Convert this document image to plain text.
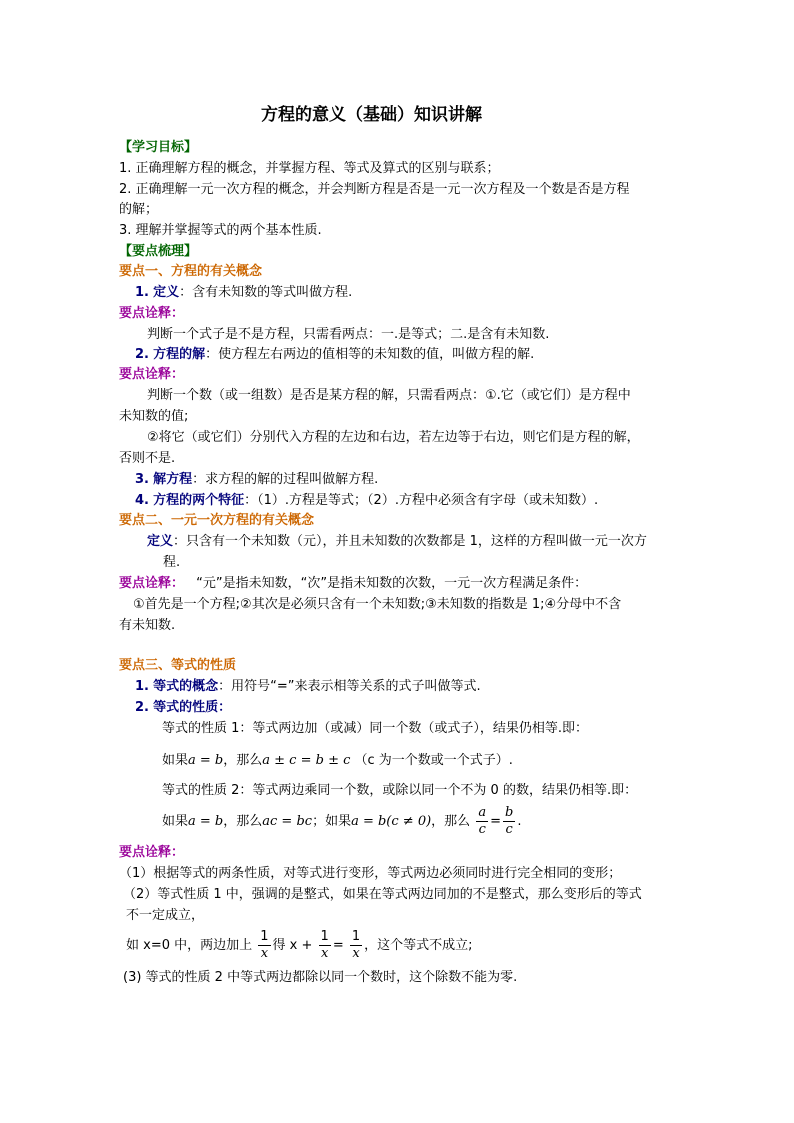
方程的意义（基础）知识讲解
【学习目标】
1. 正确理解方程的概念，并掌握方程、等式及算式的区别与联系；
2. 正确理解一元一次方程的概念，并会判断方程是否是一元一次方程及一个数是否是方程
的解；
3. 理解并掌握等式的两个基本性质.
【要点梳理】
要点一、方程的有关概念
1. 定义：含有未知数的等式叫做方程.
要点诠释：
判断一个式子是不是方程，只需看两点：一.是等式；二.是含有未知数.
2. 方程的解：使方程左右两边的值相等的未知数的值，叫做方程的解.
要点诠释：
判断一个数（或一组数）是否是某方程的解，只需看两点：①.它（或它们）是方程中
未知数的值;
②将它（或它们）分别代入方程的左边和右边，若左边等于右边，则它们是方程的解，
否则不是.
3. 解方程：求方程的解的过程叫做解方程.
4. 方程的两个特征：（1）.方程是等式；（2）.方程中必须含有字母（或未知数）.
要点二、一元一次方程的有关概念
定义：只含有一个未知数（元），并且未知数的次数都是 1，这样的方程叫做一元一次方
程.
要点诠释： “元”是指未知数，“次”是指未知数的次数，一元一次方程满足条件：
①首先是一个方程;②其次是必须只含有一个未知数;③未知数的指数是 1;④分母中不含
有未知数.
要点三、等式的性质
1. 等式的概念：用符号“=”来表示相等关系的式子叫做等式.
2. 等式的性质：
等式的性质 1：等式两边加（或减）同一个数（或式子），结果仍相等.即：
如果a = b，那么a ± c = b ± c （c 为一个数或一个式子）.
等式的性质 2：等式两边乘同一个数，或除以同一个不为 0 的数，结果仍相等.即：
如果a = b，那么ac = bc；如果a = b(c ≠ 0)，那么 $\frac{a}{c} = \frac{b}{c}$ .
要点诠释：
（1）根据等式的两条性质，对等式进行变形，等式两边必须同时进行完全相同的变形；
（2）等式性质 1 中，强调的是整式，如果在等式两边同加的不是整式，那么变形后的等式
不一定成立，
如 x=0 中，两边加上 $\frac{1}{x}$ 得 $x + \frac{1}{x} = \frac{1}{x}$ ，这个等式不成立;
(3) 等式的性质 2 中等式两边都除以同一个数时，这个除数不能为零.
